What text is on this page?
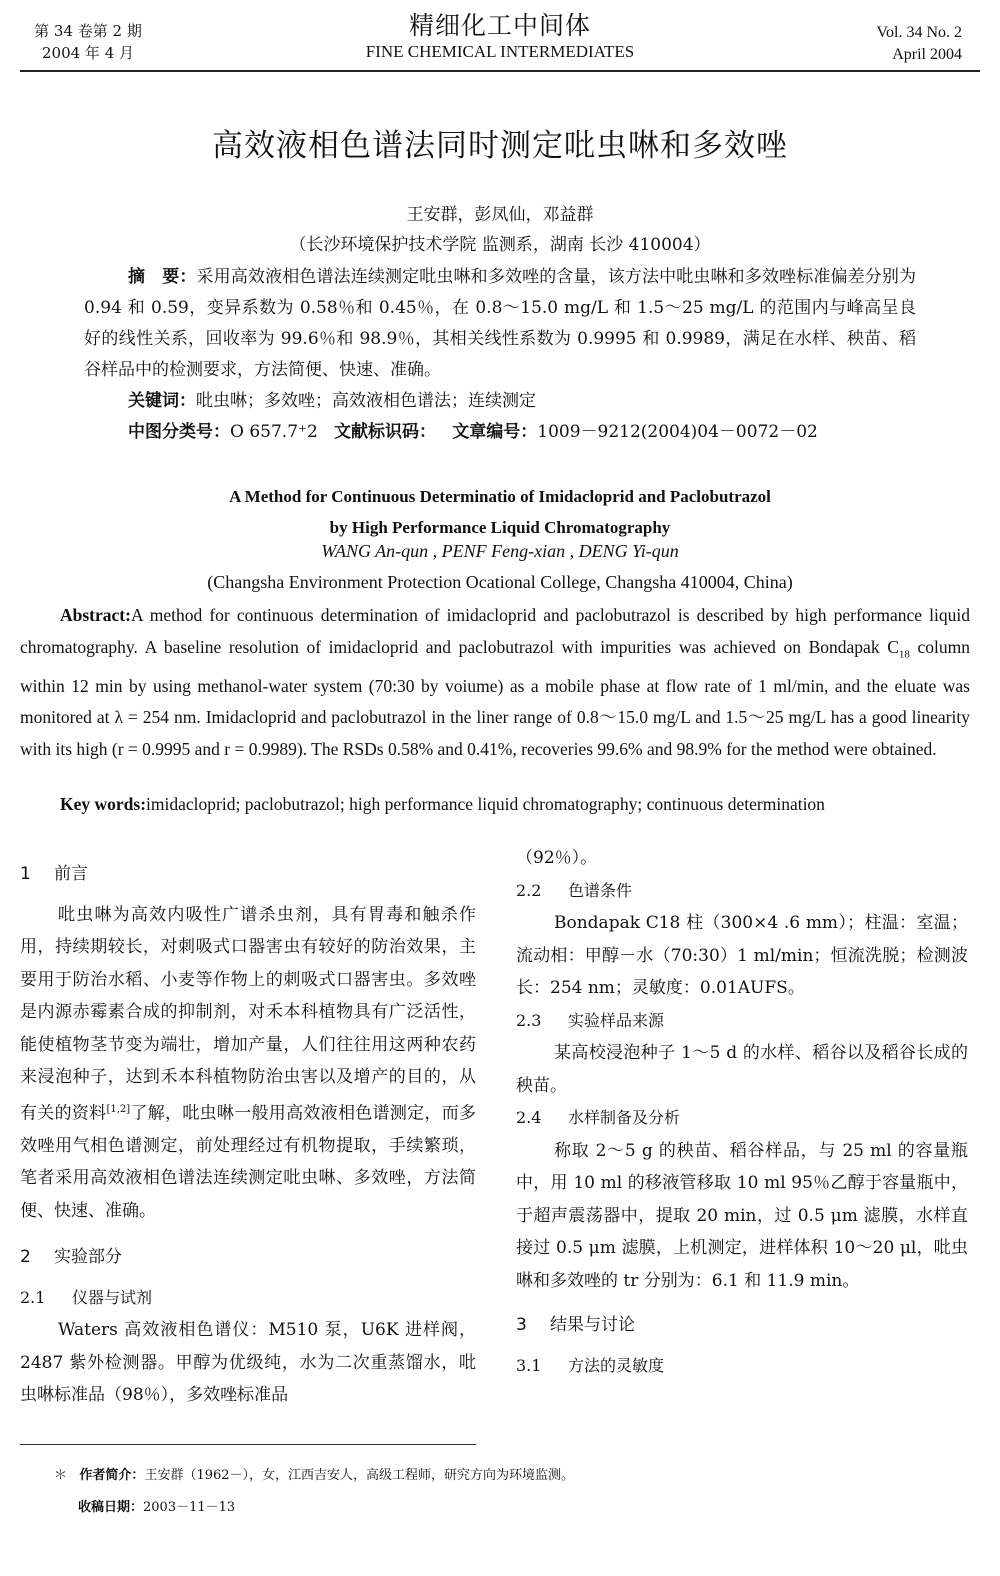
第 34 卷第 2 期
2004 年 4 月
精细化工中间体
FINE CHEMICAL INTERMEDIATES
Vol. 34 No. 2
April 2004
高效液相色谱法同时测定吡虫啉和多效唑
王安群，彭凤仙，邓益群
（长沙环境保护技术学院 监测系，湖南 长沙 410004）

摘　要：采用高效液相色谱法连续测定吡虫啉和多效唑的含量，该方法中吡虫啉和多效唑标准偏差分别为 0.94 和 0.59，变异系数为 0.58％和 0.45％，在 0.8～15.0 mg/L 和 1.5～25 mg/L 的范围内与峰高呈良好的线性关系，回收率为 99.6％和 98.9％，其相关线性系数为 0.9995 和 0.9989，满足在水样、秧苗、稻谷样品中的检测要求，方法简便、快速、准确。

关键词：吡虫啉；多效唑；高效液相色谱法；连续测定

中图分类号：O 657.7⁺2 文献标识码： 文章编号：1009－9212(2004)04－0072－02

A Method for Continuous Determinatio of Imidacloprid and Paclobutrazol
by High Performance Liquid Chromatography
WANG An-qun , PENF Feng-xian , DENG Yi-qun
(Changsha Environment Protection Ocational College, Changsha 410004, China)

Abstract:A method for continuous determination of imidacloprid and paclobutrazol is described by high performance liquid chromatography. A baseline resolution of imidacloprid and paclobutrazol with impurities was achieved on Bondapak $C_{18}$ column within 12 min by using methanol-water system (70:30 by voiume) as a mobile phase at flow rate of 1 ml/min, and the eluate was monitored at λ = 254 nm. Imidacloprid and paclobutrazol in the liner range of 0.8～15.0 mg/L and 1.5～25 mg/L has a good linearity with its high (r = 0.9995 and r = 0.9989). The RSDs 0.58% and 0.41%, recoveries 99.6% and 98.9% for the method were obtained.

Key words:imidacloprid; paclobutrazol; high performance liquid chromatography; continuous determination

1 前言

吡虫啉为高效内吸性广谱杀虫剂，具有胃毒和触杀作用，持续期较长，对刺吸式口器害虫有较好的防治效果，主要用于防治水稻、小麦等作物上的刺吸式口器害虫。多效唑是内源赤霉素合成的抑制剂，对禾本科植物具有广泛活性，能使植物茎节变为端壮，增加产量，人们往往用这两种农药来浸泡种子，达到禾本科植物防治虫害以及增产的目的，从有关的资料[1,2]了解，吡虫啉一般用高效液相色谱测定，而多效唑用气相色谱测定，前处理经过有机物提取，手续繁琐，笔者采用高效液相色谱法连续测定吡虫啉、多效唑，方法简便、快速、准确。

2 实验部分

2.1 仪器与试剂

Waters 高效液相色谱仪：M510 泵，U6K 进样阀，2487 紫外检测器。甲醇为优级纯，水为二次重蒸馏水，吡虫啉标准品（98％），多效唑标准品

（92％）。

2.2 色谱条件

Bondapak C18 柱（300×4 .6 mm）；柱温：室温；流动相：甲醇－水（70:30）1 ml/min；恒流洗脱；检测波长：254 nm；灵敏度：0.01AUFS。

2.3 实验样品来源

某高校浸泡种子 1～5 d 的水样、稻谷以及稻谷长成的秧苗。

2.4 水样制备及分析

称取 2～5 g 的秧苗、稻谷样品，与 25 ml 的容量瓶中，用 10 ml 的移液管移取 10 ml 95％乙醇于容量瓶中，于超声震荡器中，提取 20 min，过 0.5 μm 滤膜，水样直接过 0.5 μm 滤膜，上机测定，进样体积 10～20 μl，吡虫啉和多效唑的 tr 分别为：6.1 和 11.9 min。

3 结果与讨论

3.1 方法的灵敏度

＊ 作者简介：王安群（1962－），女，江西吉安人，高级工程师，研究方向为环境监测。

收稿日期：2003－11－13
